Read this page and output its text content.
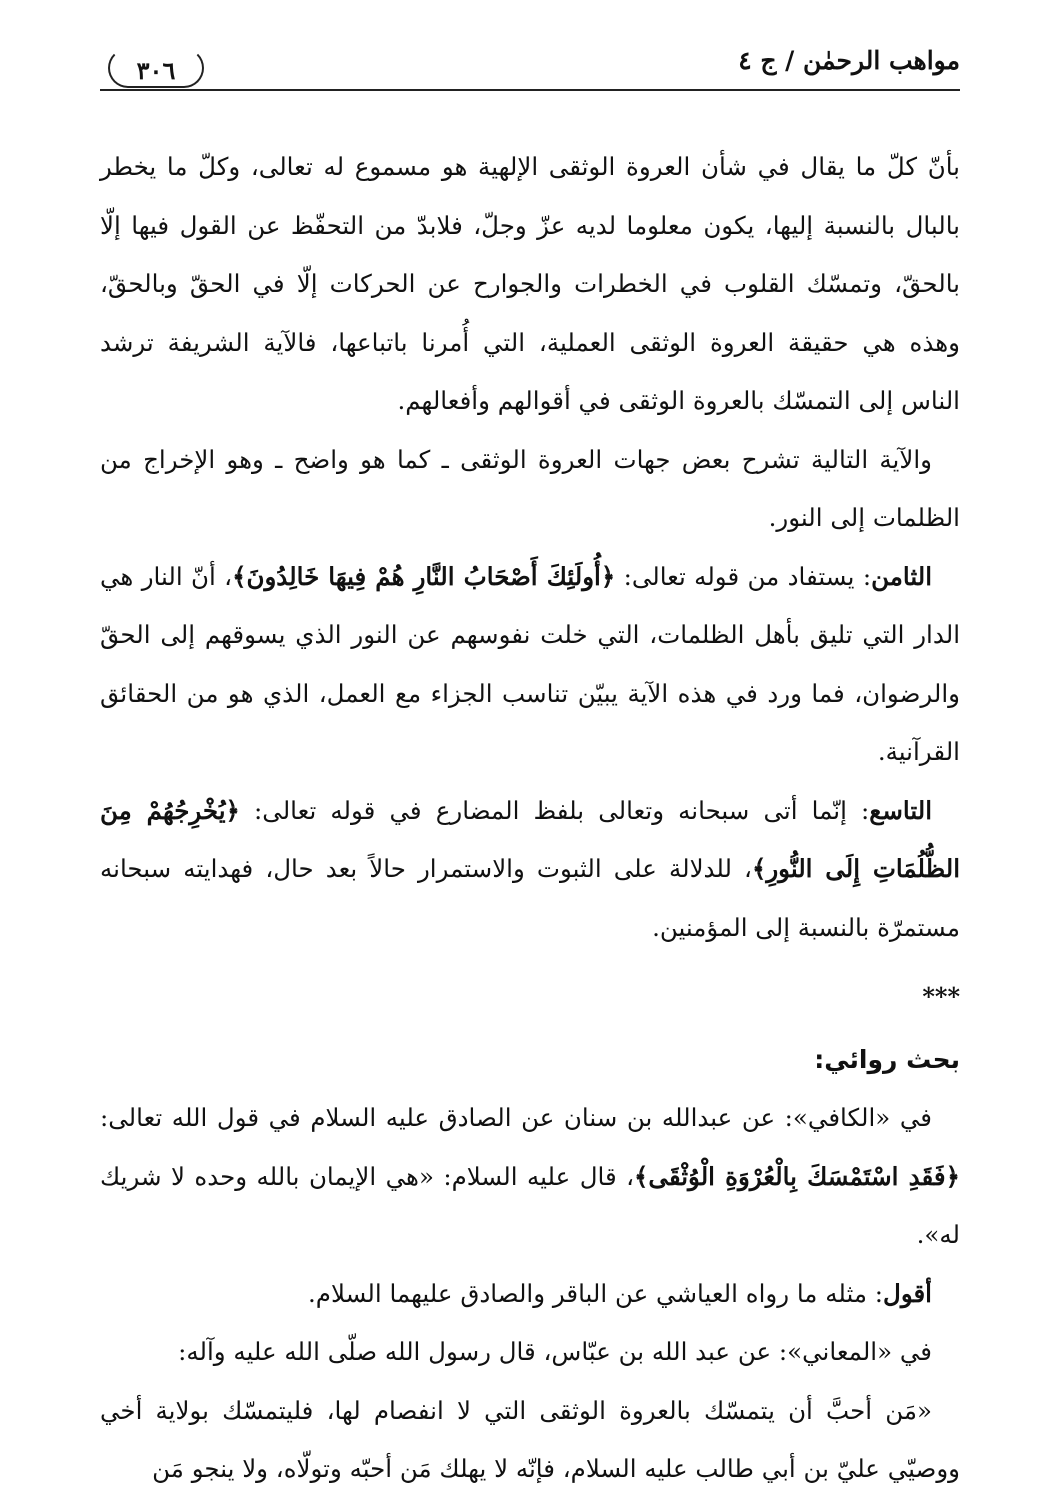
مواهب الرحمٰن / ج ٤
٣٠٦

بأنّ كلّ ما يقال في شأن العروة الوثقى الإلهية هو مسموع له تعالى، وكلّ ما يخطر بالبال بالنسبة إليها، يكون معلوما لديه عزّ وجلّ، فلابدّ من التحفّظ عن القول فيها إلّا بالحقّ، وتمسّك القلوب في الخطرات والجوارح عن الحركات إلّا في الحقّ وبالحقّ، وهذه هي حقيقة العروة الوثقى العملية، التي أُمرنا باتباعها، فالآية الشريفة ترشد الناس إلى التمسّك بالعروة الوثقى في أقوالهم وأفعالهم.

والآية التالية تشرح بعض جهات العروة الوثقى ـ كما هو واضح ـ وهو الإخراج من الظلمات إلى النور.

الثامن: يستفاد من قوله تعالى: ﴿أُولَئِكَ أَصْحَابُ النَّارِ هُمْ فِيهَا خَالِدُونَ﴾، أنّ النار هي الدار التي تليق بأهل الظلمات، التي خلت نفوسهم عن النور الذي يسوقهم إلى الحقّ والرضوان، فما ورد في هذه الآية يبيّن تناسب الجزاء مع العمل، الذي هو من الحقائق القرآنية.

التاسع: إنّما أتى سبحانه وتعالى بلفظ المضارع في قوله تعالى: ﴿يُخْرِجُهُمْ مِنَ الظُّلُمَاتِ إِلَى النُّورِ﴾، للدلالة على الثبوت والاستمرار حالاً بعد حال، فهدايته سبحانه مستمرّة بالنسبة إلى المؤمنين.

***

بحث روائي:

في «الكافي»: عن عبدالله بن سنان عن الصادق عليه السلام في قول الله تعالى: ﴿فَقَدِ اسْتَمْسَكَ بِالْعُرْوَةِ الْوُثْقَى﴾، قال عليه السلام: «هي الإيمان بالله وحده لا شريك له».

أقول: مثله ما رواه العياشي عن الباقر والصادق عليهما السلام.

في «المعاني»: عن عبد الله بن عبّاس، قال رسول الله صلّى الله عليه وآله:

«مَن أحبَّ أن يتمسّك بالعروة الوثقى التي لا انفصام لها، فليتمسّك بولاية أخي ووصيّي عليّ بن أبي طالب عليه السلام، فإنّه لا يهلك مَن أحبّه وتولّاه، ولا ينجو مَن
